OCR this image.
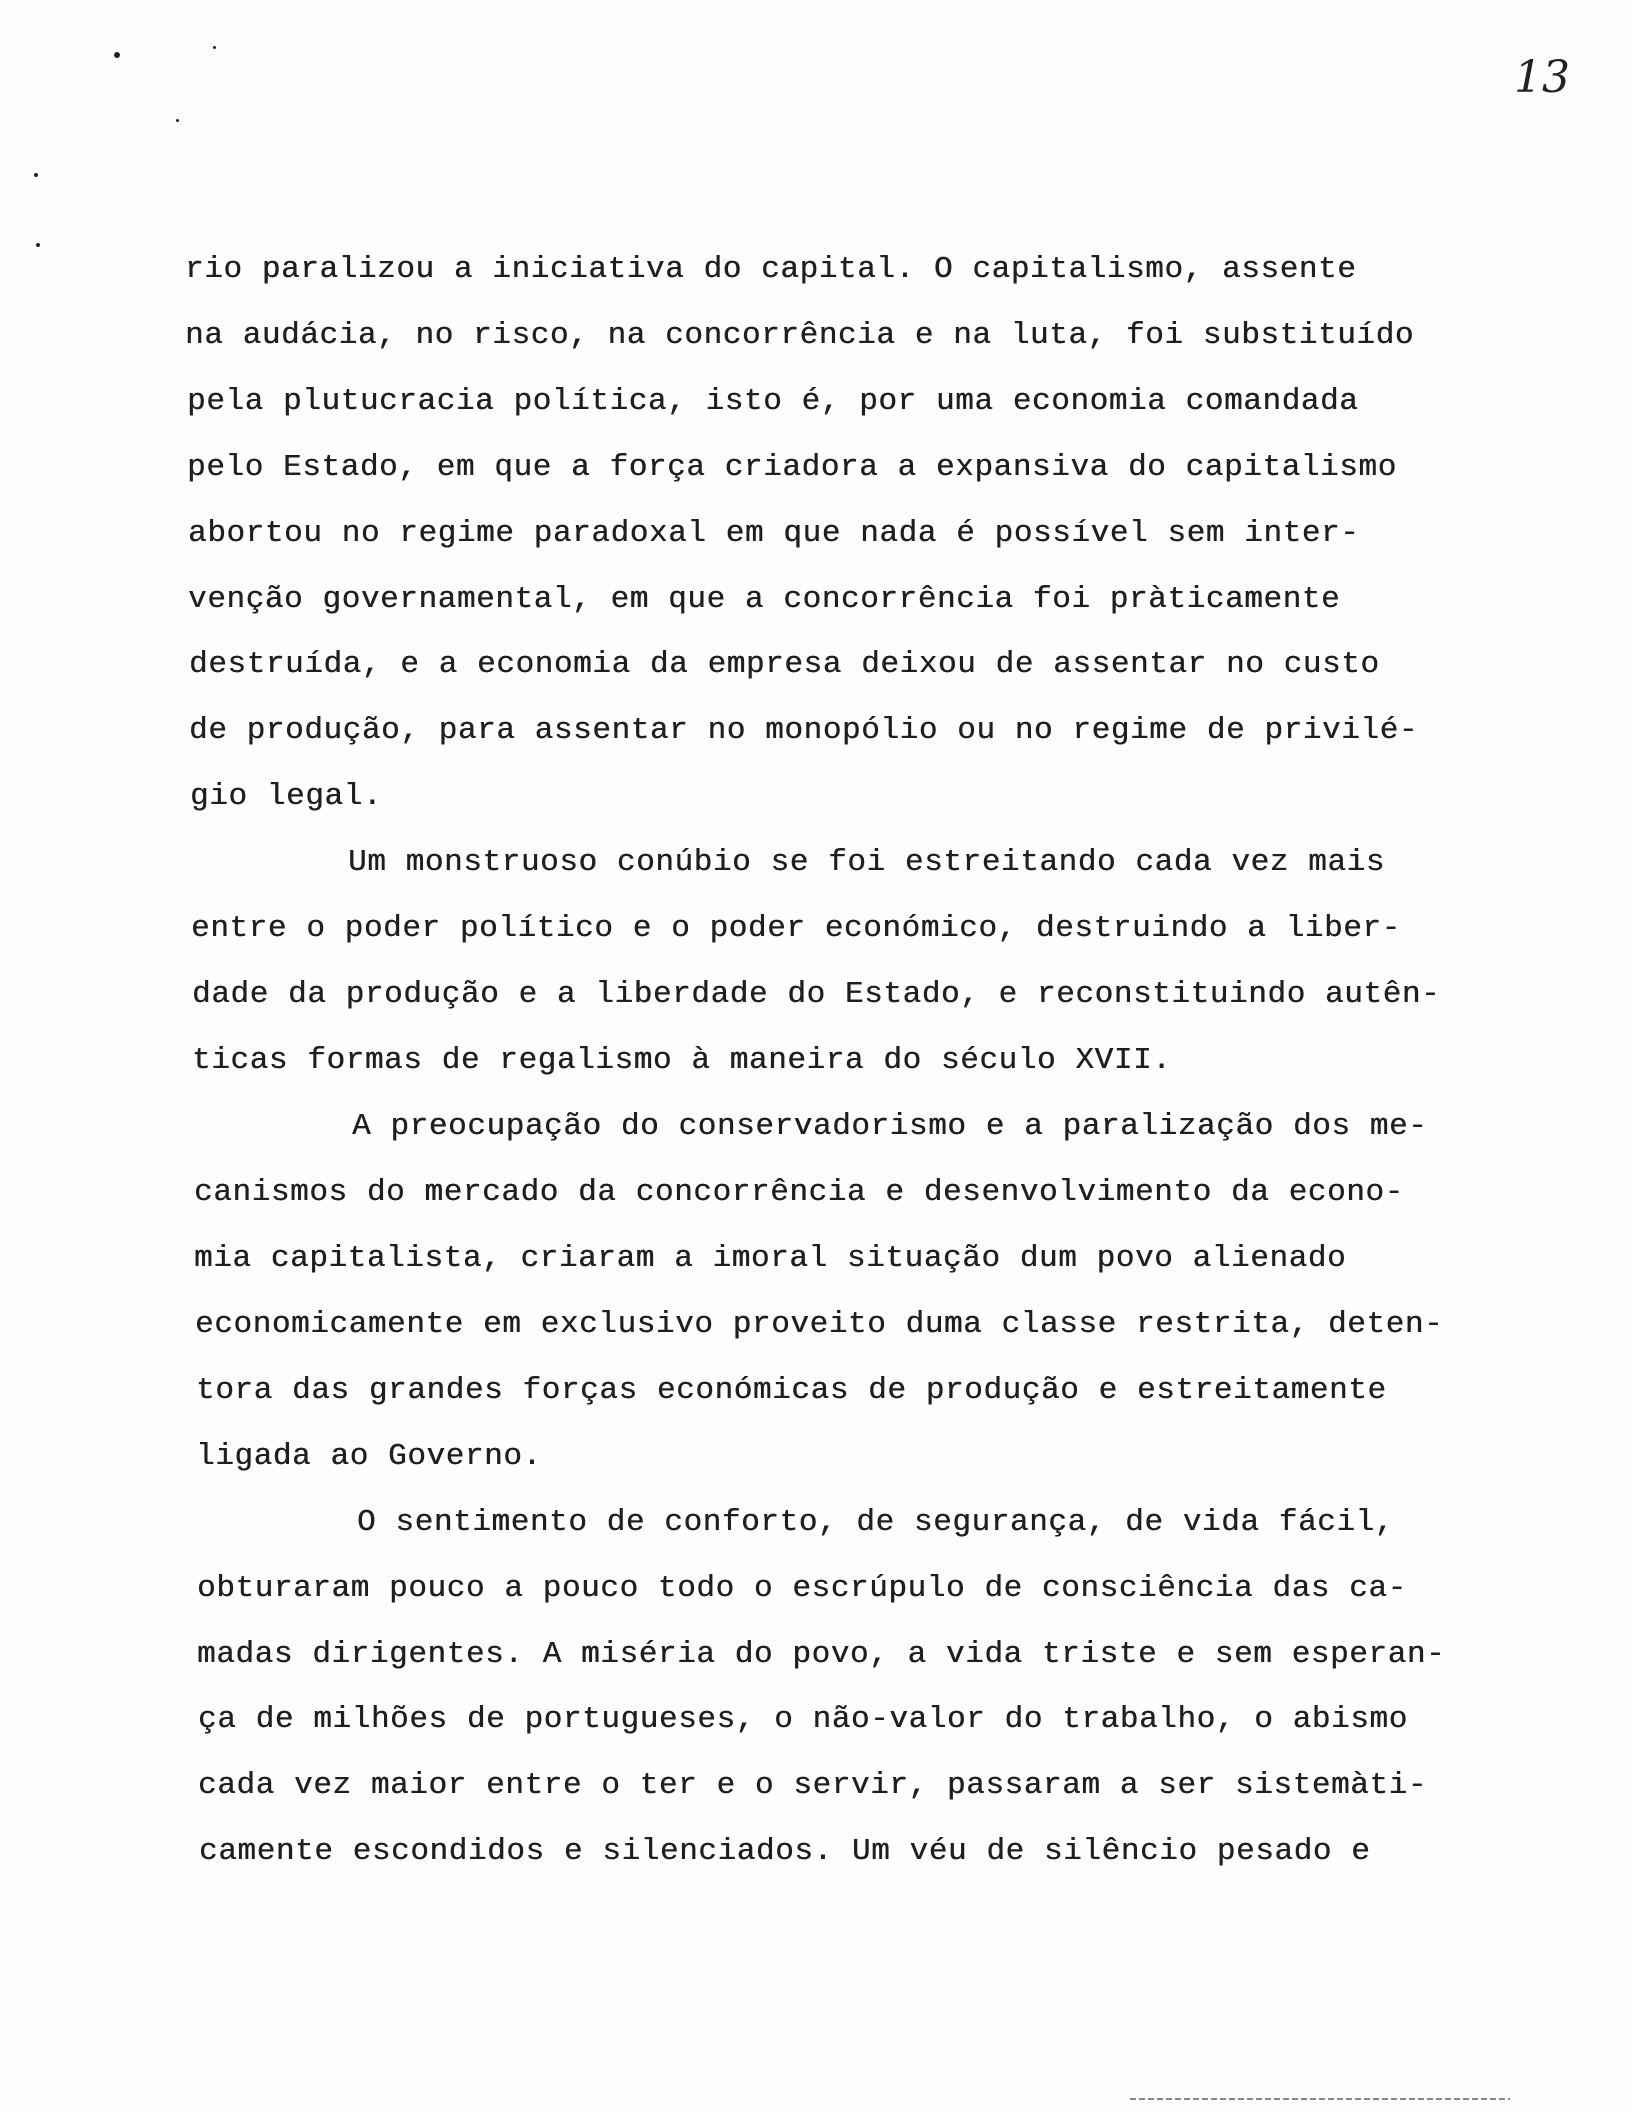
13
rio paralizou a iniciativa do capital. O capitalismo, assente
na audácia, no risco, na concorrência e na luta, foi substituído
pela plutucracia política, isto é, por uma economia comandada
pelo Estado, em que a força criadora a expansiva do capitalismo
abortou no regime paradoxal em que nada é possível sem inter-
venção governamental, em que a concorrência foi pràticamente
destruída, e a economia da empresa deixou de assentar no custo
de produção, para assentar no monopólio ou no regime de privilé-
gio legal.
Um monstruoso conúbio se foi estreitando cada vez mais
entre o poder político e o poder económico, destruindo a liber-
dade da produção e a liberdade do Estado, e reconstituindo autên-
ticas formas de regalismo à maneira do século XVII.
A preocupação do conservadorismo e a paralização dos me-
canismos do mercado da concorrência e desenvolvimento da econo-
mia capitalista, criaram a imoral situação dum povo alienado
economicamente em exclusivo proveito duma classe restrita, deten-
tora das grandes forças económicas de produção e estreitamente
ligada ao Governo.
O sentimento de conforto, de segurança, de vida fácil,
obturaram pouco a pouco todo o escrúpulo de consciência das ca-
madas dirigentes. A miséria do povo, a vida triste e sem esperan-
ça de milhões de portugueses, o não-valor do trabalho, o abismo
cada vez maior entre o ter e o servir, passaram a ser sistemàti-
camente escondidos e silenciados. Um véu de silêncio pesado e
